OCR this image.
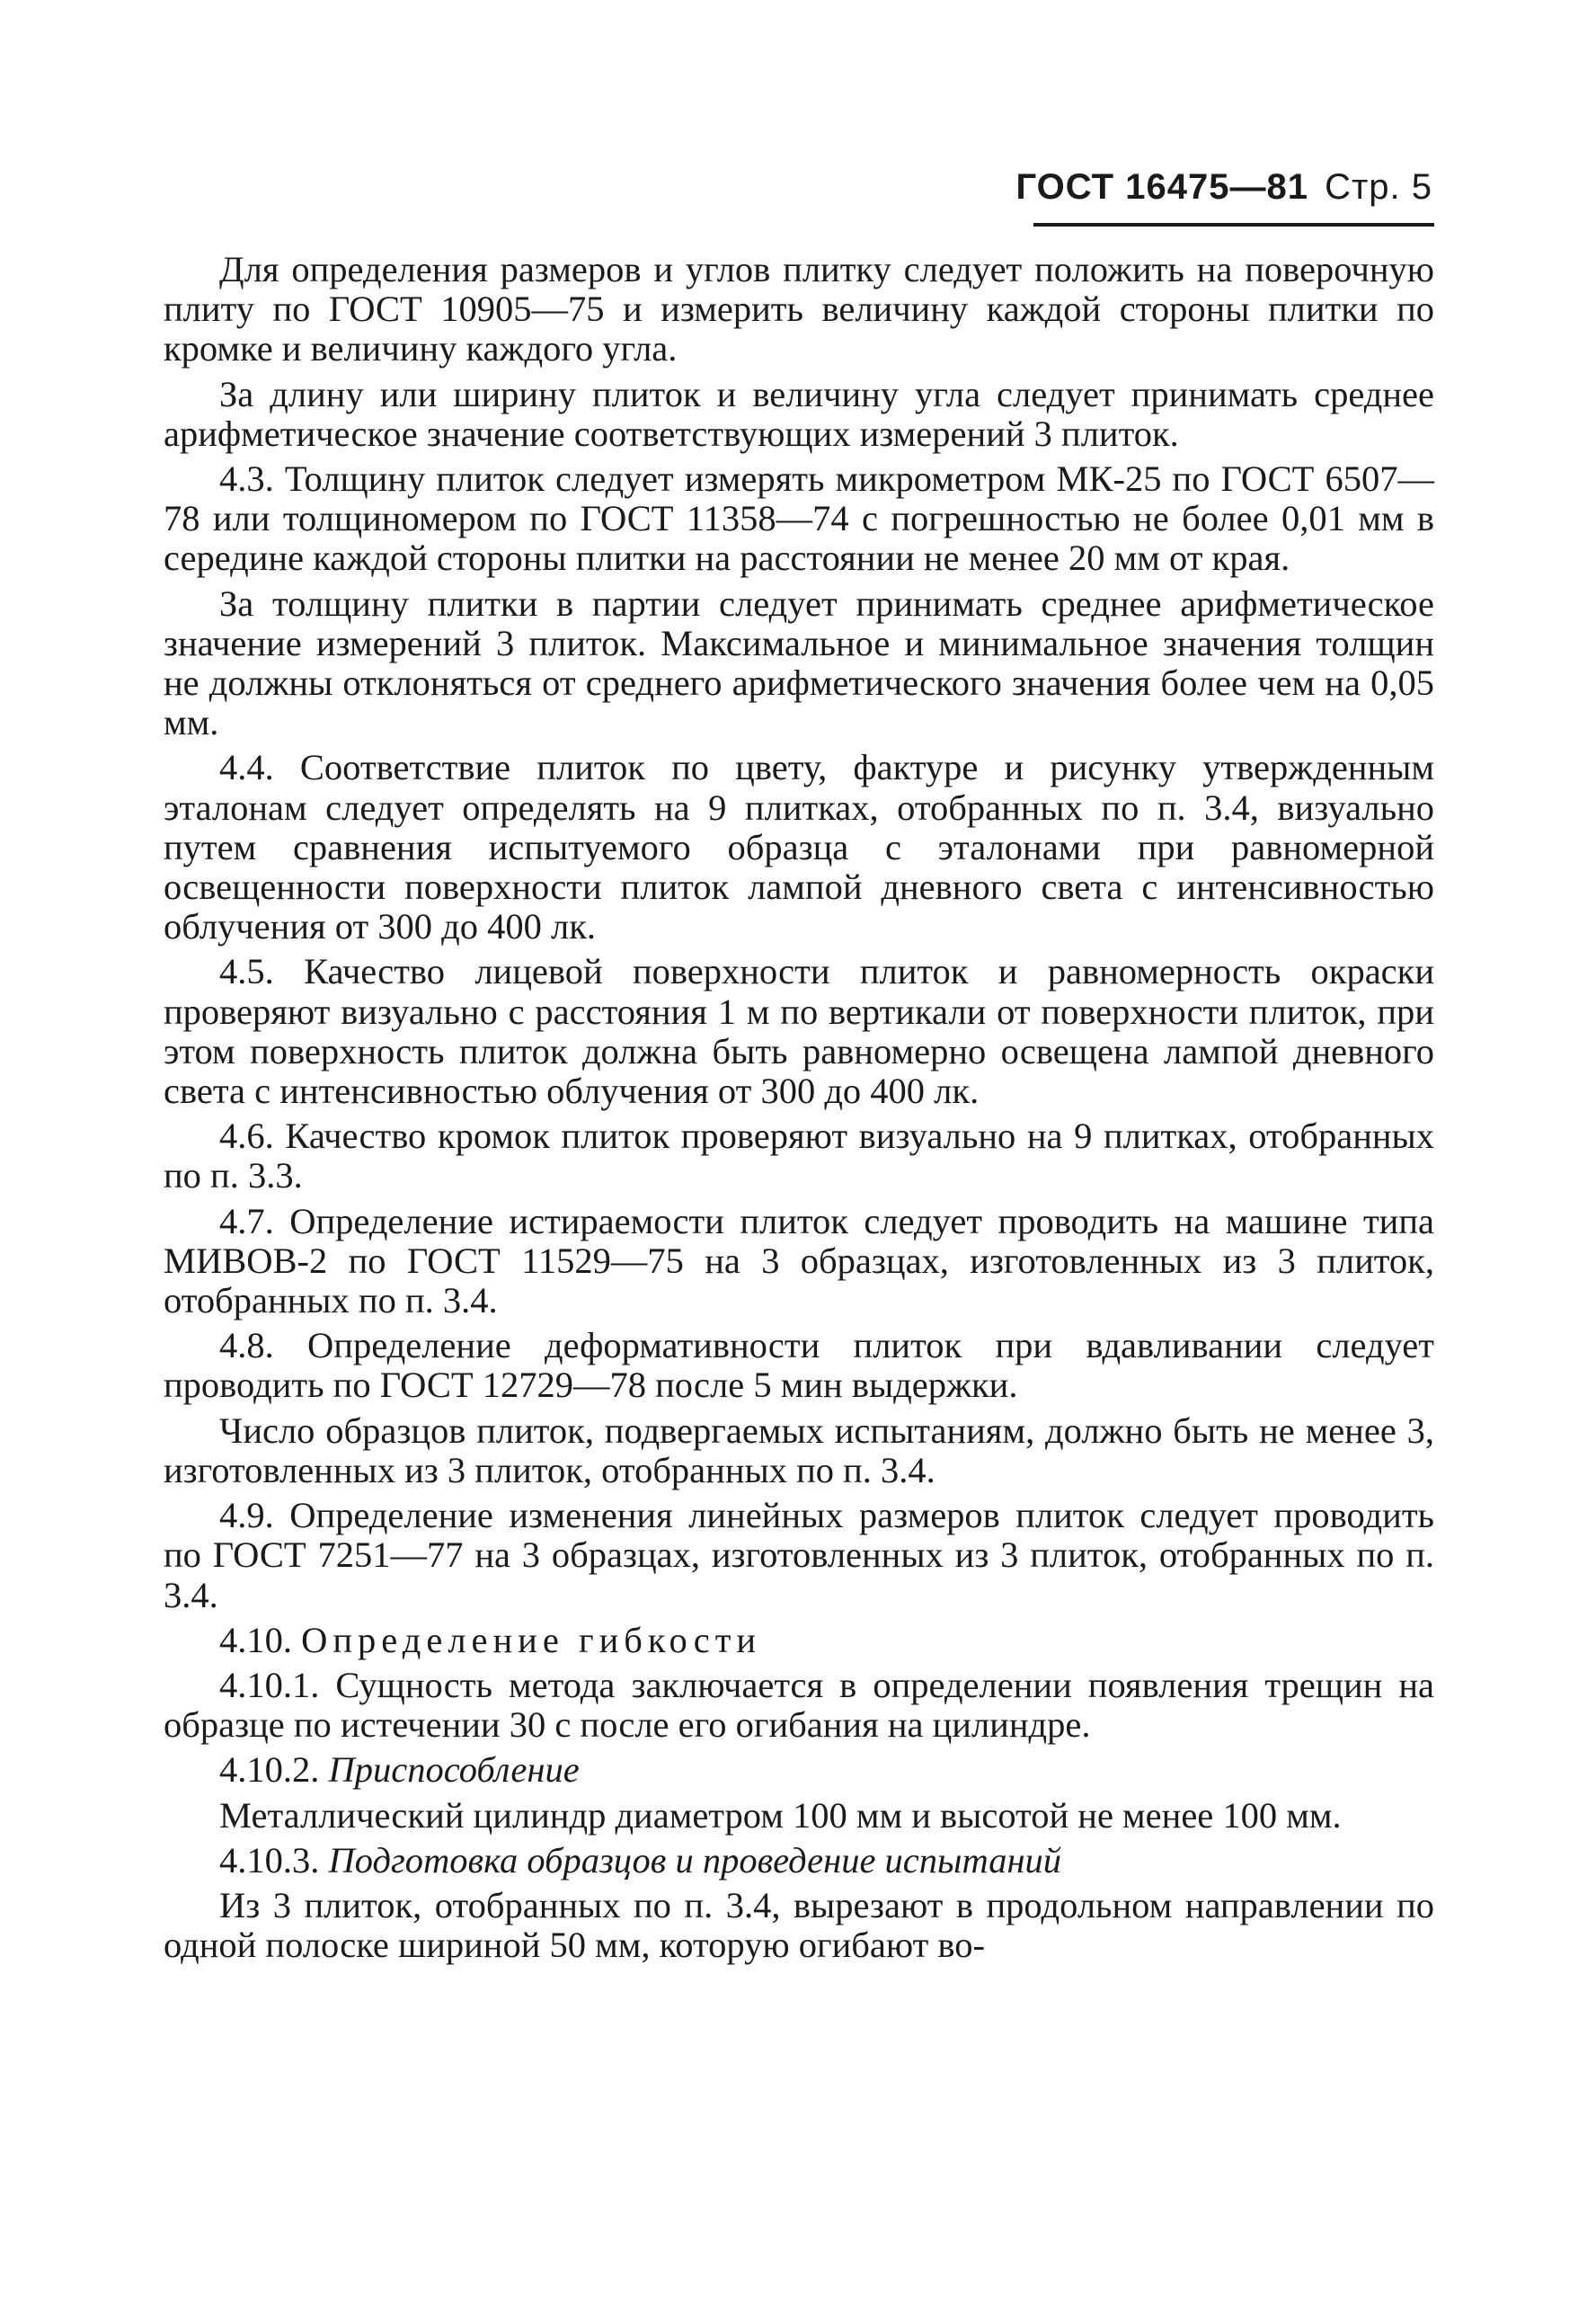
ГОСТ 16475—81 Стр. 5

Для определения размеров и углов плитку следует положить на поверочную плиту по ГОСТ 10905—75 и измерить величину каждой стороны плитки по кромке и величину каждого угла.

За длину или ширину плиток и величину угла следует принимать среднее арифметическое значение соответствующих измерений 3 плиток.

4.3. Толщину плиток следует измерять микрометром МК-25 по ГОСТ 6507—78 или толщиномером по ГОСТ 11358—74 с погрешностью не более 0,01 мм в середине каждой стороны плитки на расстоянии не менее 20 мм от края.

За толщину плитки в партии следует принимать среднее арифметическое значение измерений 3 плиток. Максимальное и минимальное значения толщин не должны отклоняться от среднего арифметического значения более чем на 0,05 мм.

4.4. Соответствие плиток по цвету, фактуре и рисунку утвержденным эталонам следует определять на 9 плитках, отобранных по п. 3.4, визуально путем сравнения испытуемого образца с эталонами при равномерной освещенности поверхности плиток лампой дневного света с интенсивностью облучения от 300 до 400 лк.

4.5. Качество лицевой поверхности плиток и равномерность окраски проверяют визуально с расстояния 1 м по вертикали от поверхности плиток, при этом поверхность плиток должна быть равномерно освещена лампой дневного света с интенсивностью облучения от 300 до 400 лк.

4.6. Качество кромок плиток проверяют визуально на 9 плитках, отобранных по п. 3.3.

4.7. Определение истираемости плиток следует проводить на машине типа МИВОВ-2 по ГОСТ 11529—75 на 3 образцах, изготовленных из 3 плиток, отобранных по п. 3.4.

4.8. Определение деформативности плиток при вдавливании следует проводить по ГОСТ 12729—78 после 5 мин выдержки.

Число образцов плиток, подвергаемых испытаниям, должно быть не менее 3, изготовленных из 3 плиток, отобранных по п. 3.4.

4.9. Определение изменения линейных размеров плиток следует проводить по ГОСТ 7251—77 на 3 образцах, изготовленных из 3 плиток, отобранных по п. 3.4.

4.10. Определение гибкости

4.10.1. Сущность метода заключается в определении появления трещин на образце по истечении 30 с после его огибания на цилиндре.

4.10.2. Приспособление

Металлический цилиндр диаметром 100 мм и высотой не менее 100 мм.

4.10.3. Подготовка образцов и проведение испытаний

Из 3 плиток, отобранных по п. 3.4, вырезают в продольном направлении по одной полоске шириной 50 мм, которую огибают во-
